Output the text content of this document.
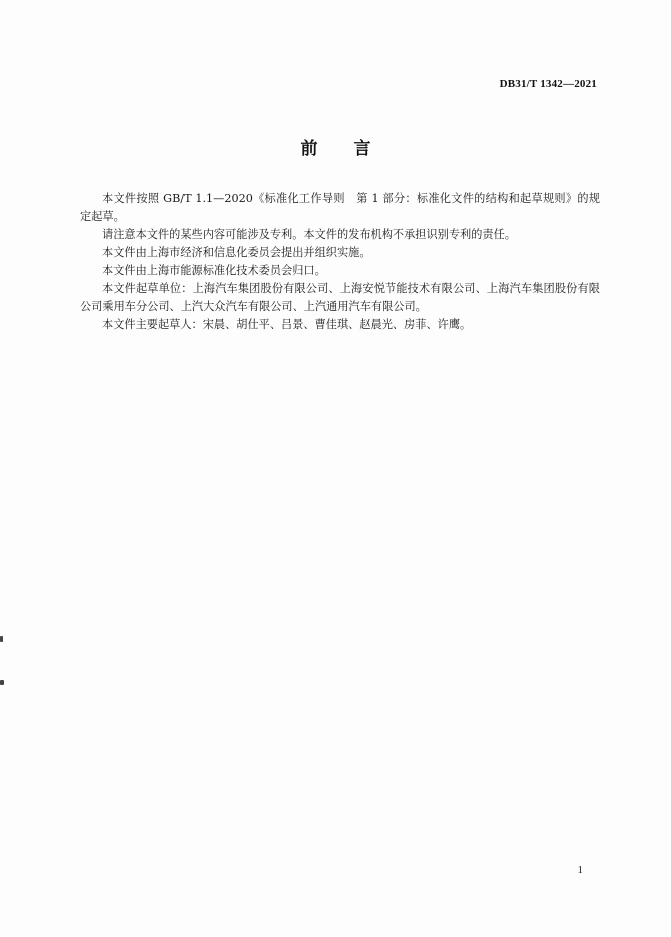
DB31/T 1342—2021
前言

本文件按照 GB/T 1.1—2020《标准化工作导则　第 1 部分：标准化文件的结构和起草规则》的规定起草。

请注意本文件的某些内容可能涉及专利。本文件的发布机构不承担识别专利的责任。

本文件由上海市经济和信息化委员会提出并组织实施。

本文件由上海市能源标准化技术委员会归口。

本文件起草单位：上海汽车集团股份有限公司、上海安悦节能技术有限公司、上海汽车集团股份有限公司乘用车分公司、上汽大众汽车有限公司、上汽通用汽车有限公司。

本文件主要起草人：宋晨、胡仕平、吕景、曹佳琪、赵晨光、房菲、许鹰。

1
